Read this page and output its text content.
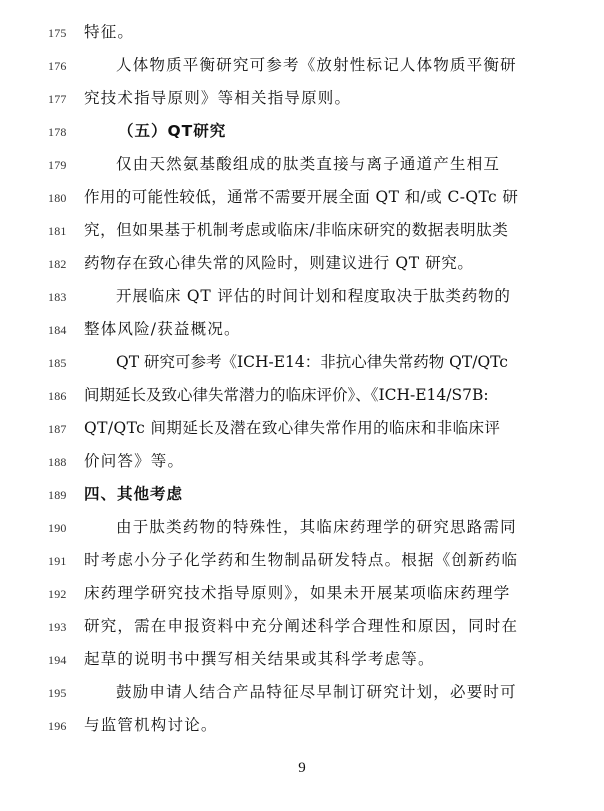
175 特征。
176	人体物质平衡研究可参考《放射性标记人体物质平衡研
177 究技术指导原则》等相关指导原则。
178	（五）QT研究
179	仅由天然氨基酸组成的肽类直接与离子通道产生相互
180 作用的可能性较低，通常不需要开展全面 QT 和/或 C-QTc 研
181 究，但如果基于机制考虑或临床/非临床研究的数据表明肽类
182 药物存在致心律失常的风险时，则建议进行 QT 研究。
183	开展临床 QT 评估的时间计划和程度取决于肽类药物的
184 整体风险/获益概况。
185	QT 研究可参考《ICH-E14：非抗心律失常药物 QT/QTc
186 间期延长及致心律失常潜力的临床评价》、《ICH-E14/S7B:
187 QT/QTc 间期延长及潜在致心律失常作用的临床和非临床评
188 价问答》等。
189 四、其他考虑
190	由于肽类药物的特殊性，其临床药理学的研究思路需同
191 时考虑小分子化学药和生物制品研发特点。根据《创新药临
192 床药理学研究技术指导原则》，如果未开展某项临床药理学
193 研究，需在申报资料中充分阐述科学合理性和原因，同时在
194 起草的说明书中撰写相关结果或其科学考虑等。
195	鼓励申请人结合产品特征尽早制订研究计划，必要时可
196 与监管机构讨论。
9
